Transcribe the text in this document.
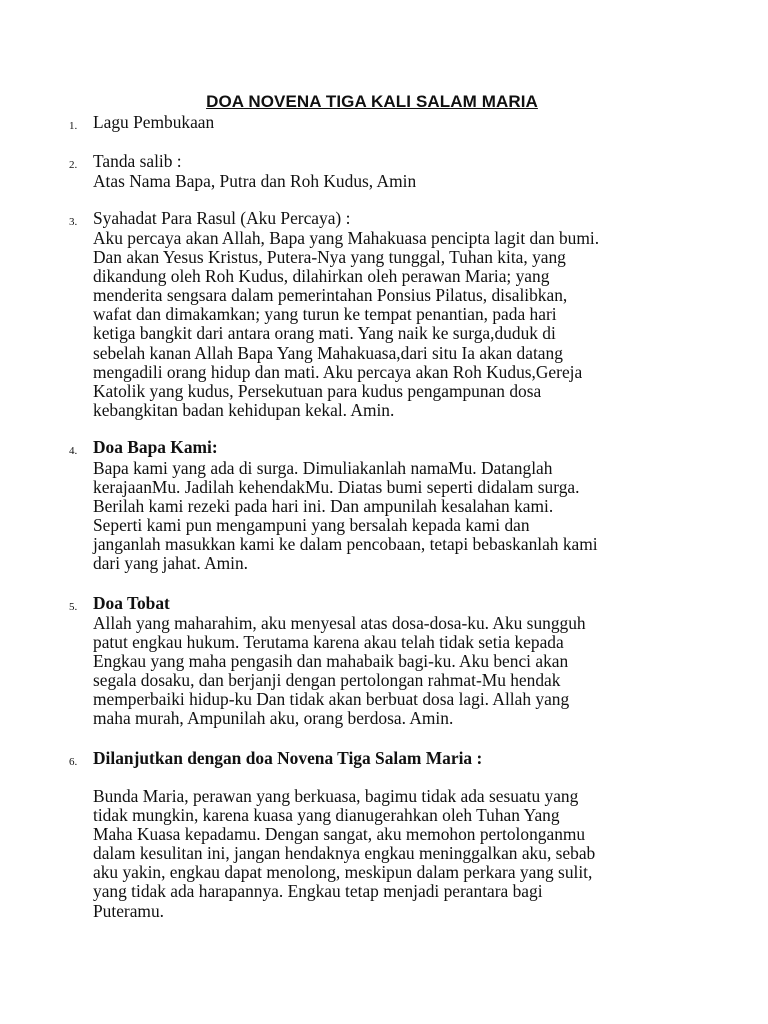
DOA NOVENA TIGA KALI SALAM MARIA
1. Lagu Pembukaan
2. Tanda salib :
Atas Nama Bapa, Putra dan Roh Kudus, Amin
3. Syahadat Para Rasul (Aku Percaya) :
Aku percaya akan Allah, Bapa yang Mahakuasa pencipta lagit dan bumi.
Dan akan Yesus Kristus, Putera-Nya yang tunggal, Tuhan kita, yang
dikandung oleh Roh Kudus, dilahirkan oleh perawan Maria; yang
menderita sengsara dalam pemerintahan Ponsius Pilatus, disalibkan,
wafat dan dimakamkan; yang turun ke tempat penantian, pada hari
ketiga bangkit dari antara orang mati. Yang naik ke surga,duduk di
sebelah kanan Allah Bapa Yang Mahakuasa,dari situ Ia akan datang
mengadili orang hidup dan mati. Aku percaya akan Roh Kudus,Gereja
Katolik yang kudus, Persekutuan para kudus pengampunan dosa
kebangkitan badan kehidupan kekal. Amin.
4. Doa Bapa Kami:
Bapa kami yang ada di surga. Dimuliakanlah namaMu. Datanglah
kerajaanMu. Jadilah kehendakMu. Diatas bumi seperti didalam surga.
Berilah kami rezeki pada hari ini. Dan ampunilah kesalahan kami.
Seperti kami pun mengampuni yang bersalah kepada kami dan
janganlah masukkan kami ke dalam pencobaan, tetapi bebaskanlah kami
dari yang jahat. Amin.
5. Doa Tobat
Allah yang maharahim, aku menyesal atas dosa-dosa-ku. Aku sungguh
patut engkau hukum. Terutama karena akau telah tidak setia kepada
Engkau yang maha pengasih dan mahabaik bagi-ku. Aku benci akan
segala dosaku, dan berjanji dengan pertolongan rahmat-Mu hendak
memperbaiki hidup-ku Dan tidak akan berbuat dosa lagi. Allah yang
maha murah, Ampunilah aku, orang berdosa. Amin.
6. Dilanjutkan dengan doa Novena Tiga Salam Maria :
Bunda Maria, perawan yang berkuasa, bagimu tidak ada sesuatu yang
tidak mungkin, karena kuasa yang dianugerahkan oleh Tuhan Yang
Maha Kuasa kepadamu. Dengan sangat, aku memohon pertolonganmu
dalam kesulitan ini, jangan hendaknya engkau meninggalkan aku, sebab
aku yakin, engkau dapat menolong, meskipun dalam perkara yang sulit,
yang tidak ada harapannya. Engkau tetap menjadi perantara bagi
Puteramu.
